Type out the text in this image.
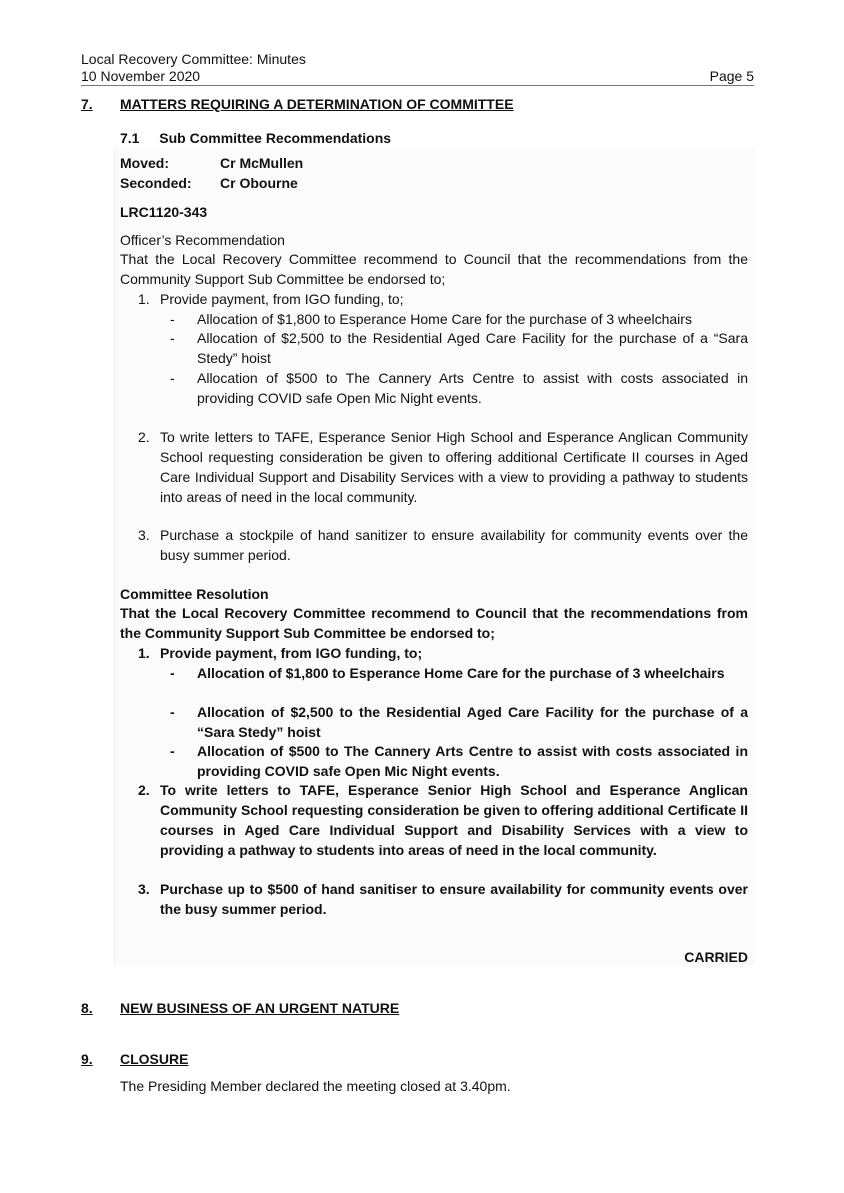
Local Recovery Committee: Minutes
10 November 2020	Page 5
7. MATTERS REQUIRING A DETERMINATION OF COMMITTEE
7.1 Sub Committee Recommendations
Moved:	Cr McMullen
Seconded: Cr Obourne
LRC1120-343
Officer’s Recommendation
That the Local Recovery Committee recommend to Council that the recommendations from the Community Support Sub Committee be endorsed to;
1. Provide payment, from IGO funding, to;
- Allocation of $1,800 to Esperance Home Care for the purchase of 3 wheelchairs
- Allocation of $2,500 to the Residential Aged Care Facility for the purchase of a “Sara Stedy” hoist
- Allocation of $500 to The Cannery Arts Centre to assist with costs associated in providing COVID safe Open Mic Night events.
2. To write letters to TAFE, Esperance Senior High School and Esperance Anglican Community School requesting consideration be given to offering additional Certificate II courses in Aged Care Individual Support and Disability Services with a view to providing a pathway to students into areas of need in the local community.
3. Purchase a stockpile of hand sanitizer to ensure availability for community events over the busy summer period.
Committee Resolution
That the Local Recovery Committee recommend to Council that the recommendations from the Community Support Sub Committee be endorsed to;
1. Provide payment, from IGO funding, to;
- Allocation of $1,800 to Esperance Home Care for the purchase of 3 wheelchairs
- Allocation of $2,500 to the Residential Aged Care Facility for the purchase of a “Sara Stedy” hoist
- Allocation of $500 to The Cannery Arts Centre to assist with costs associated in providing COVID safe Open Mic Night events.
2. To write letters to TAFE, Esperance Senior High School and Esperance Anglican Community School requesting consideration be given to offering additional Certificate II courses in Aged Care Individual Support and Disability Services with a view to providing a pathway to students into areas of need in the local community.
3. Purchase up to $500 of hand sanitiser to ensure availability for community events over the busy summer period.
CARRIED
8. NEW BUSINESS OF AN URGENT NATURE
9. CLOSURE
The Presiding Member declared the meeting closed at 3.40pm.
